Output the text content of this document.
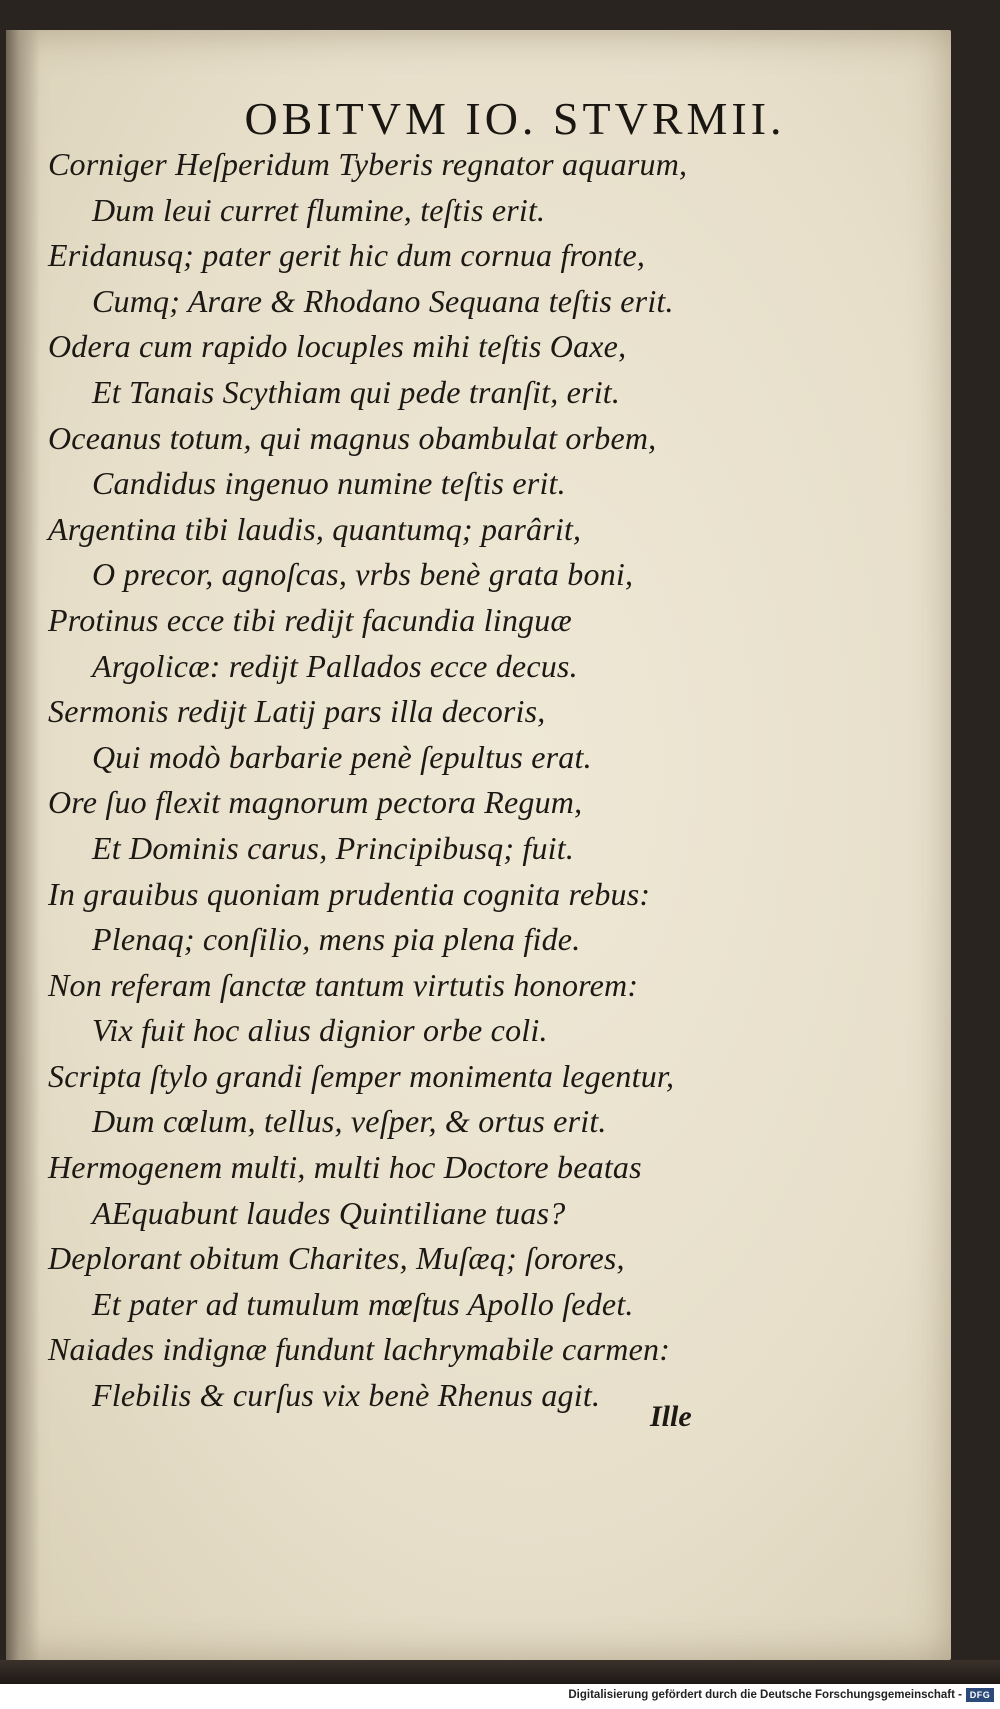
OBITVM IO. STVRMII.
Corniger Heſperidum Tyberis regnator aquarum,
Dum leui curret flumine, teſtis erit.
Eridanusq; pater gerit hic dum cornua fronte,
Cumq; Arare & Rhodano Sequana teſtis erit.
Odera cum rapido locuples mihi teſtis Oaxe,
Et Tanais Scythiam qui pede tranſit, erit.
Oceanus totum, qui magnus obambulat orbem,
Candidus ingenuo numine teſtis erit.
Argentina tibi laudis, quantumq; parârit,
O precor, agnoſcas, vrbs benè grata boni,
Protinus ecce tibi rediјt facundia linguæ
Argolicæ: rediјt Pallados ecce decus.
Sermonis rediјt Latiј pars illa decoris,
Qui modò barbarie penè ſepultus erat.
Ore ſuo flexit magnorum pectora Regum,
Et Dominis carus, Principibusq; fuit.
In grauibus quoniam prudentia cognita rebus:
Plenaq; conſilio, mens pia plena fide.
Non referam ſanctæ tantum virtutis honorem:
Vix fuit hoc alius dignior orbe coli.
Scripta ſtylo grandi ſemper monimenta legentur,
Dum cœlum, tellus, veſper, & ortus erit.
Hermogenem multi, multi hoc Doctore beatas
AEquabunt laudes Quintiliane tuas?
Deplorant obitum Charites, Muſæq; ſorores,
Et pater ad tumulum mœſtus Apollo ſedet.
Naiades indignæ fundunt lachrymabile carmen:
Flebilis & curſus vix benè Rhenus agit.
Ille
Digitalisierung gefördert durch die Deutsche Forschungsgemeinschaft - DFG
